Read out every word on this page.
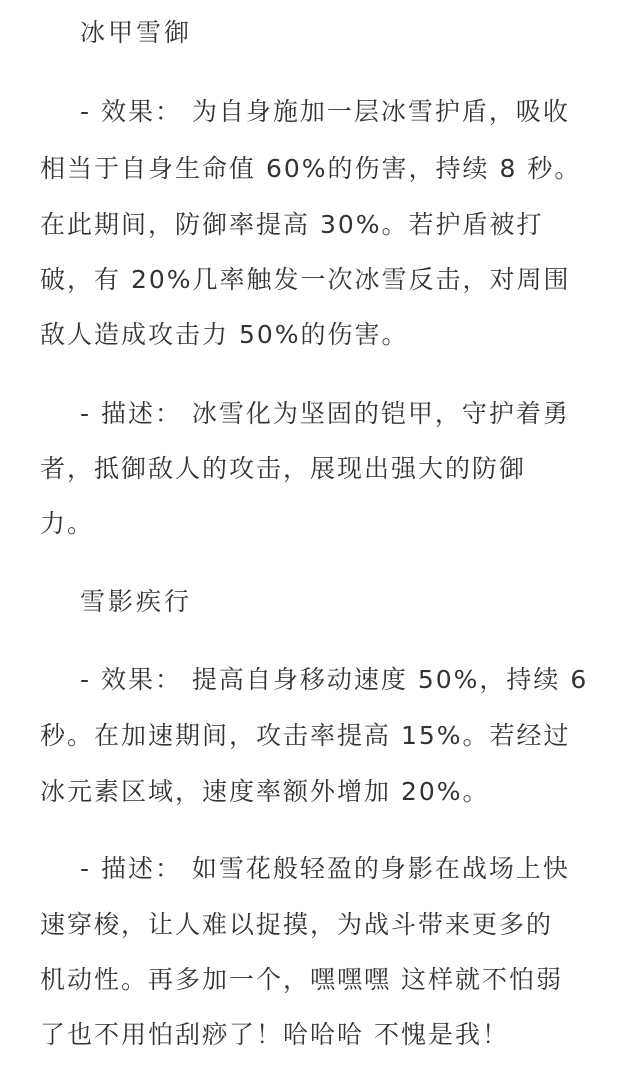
冰甲雪御
- 效果： 为自身施加一层冰雪护盾，吸收
相当于自身生命值 60%的伤害，持续 8 秒。
在此期间，防御率提高 30%。若护盾被打
破，有 20%几率触发一次冰雪反击，对周围
敌人造成攻击力 50%的伤害。
- 描述： 冰雪化为坚固的铠甲，守护着勇
者，抵御敌人的攻击，展现出强大的防御
力。
雪影疾行
- 效果： 提高自身移动速度 50%，持续 6
秒。在加速期间，攻击率提高 15%。若经过
冰元素区域，速度率额外增加 20%。
- 描述： 如雪花般轻盈的身影在战场上快
速穿梭，让人难以捉摸，为战斗带来更多的
机动性。再多加一个，嘿嘿嘿 这样就不怕弱
了也不用怕刮痧了！哈哈哈 不愧是我！
